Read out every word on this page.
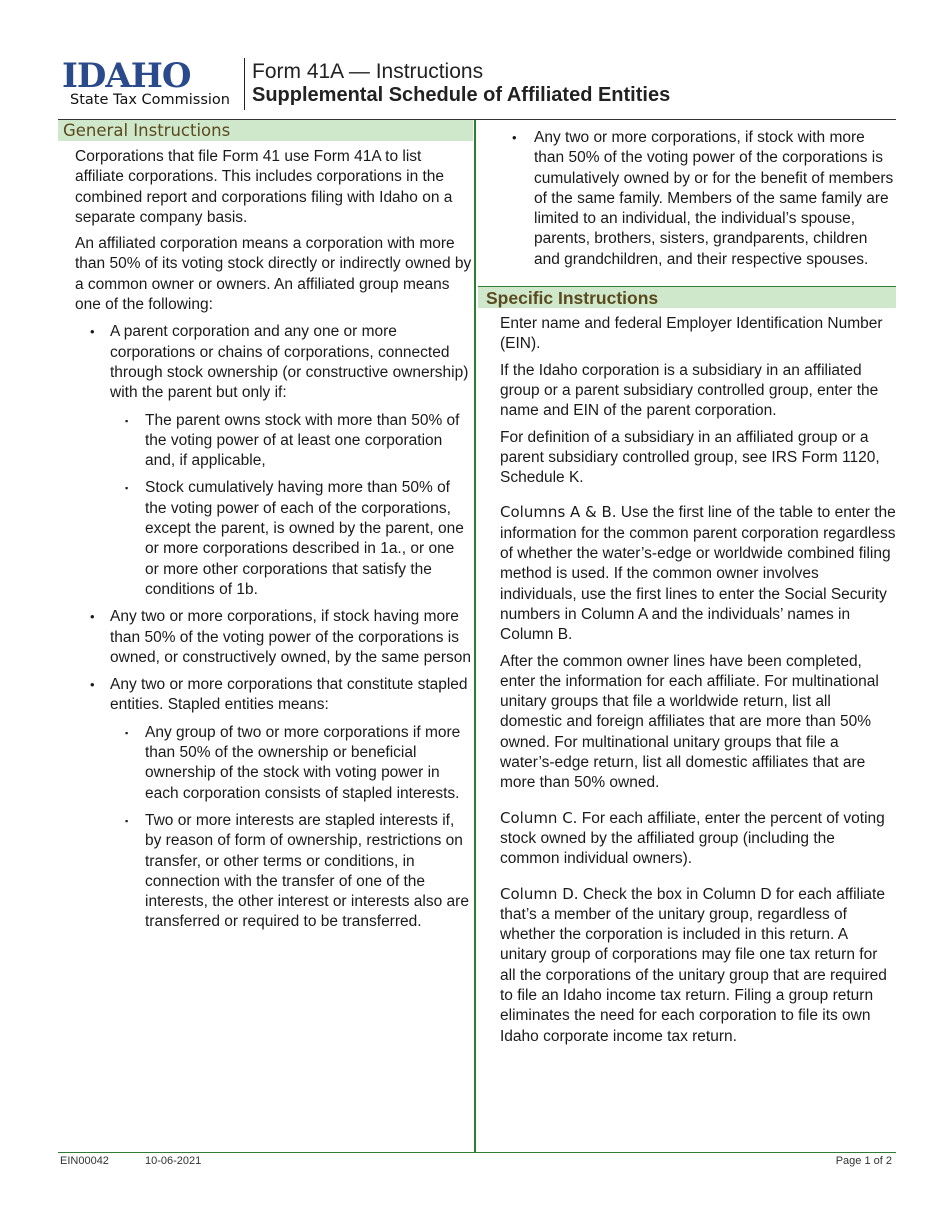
IDAHO
State Tax Commission
Form 41A — Instructions
Supplemental Schedule of Affiliated Entities
General Instructions

Corporations that file Form 41 use Form 41A to list affiliate corporations. This includes corporations in the combined report and corporations filing with Idaho on a separate company basis.

An affiliated corporation means a corporation with more than 50% of its voting stock directly or indirectly owned by a common owner or owners. An affiliated group means one of the following:

• A parent corporation and any one or more corporations or chains of corporations, connected through stock ownership (or constructive ownership) with the parent but only if:
▪ The parent owns stock with more than 50% of the voting power of at least one corporation and, if applicable,
▪ Stock cumulatively having more than 50% of the voting power of each of the corporations, except the parent, is owned by the parent, one or more corporations described in 1a., or one or more other corporations that satisfy the conditions of 1b.
• Any two or more corporations, if stock having more than 50% of the voting power of the corporations is owned, or constructively owned, by the same person
• Any two or more corporations that constitute stapled entities. Stapled entities means:
▪ Any group of two or more corporations if more than 50% of the ownership or beneficial ownership of the stock with voting power in each corporation consists of stapled interests.
▪ Two or more interests are stapled interests if, by reason of form of ownership, restrictions on transfer, or other terms or conditions, in connection with the transfer of one of the interests, the other interest or interests also are transferred or required to be transferred.
• Any two or more corporations, if stock with more than 50% of the voting power of the corporations is cumulatively owned by or for the benefit of members of the same family. Members of the same family are limited to an individual, the individual’s spouse, parents, brothers, sisters, grandparents, children and grandchildren, and their respective spouses.
Specific Instructions

Enter name and federal Employer Identification Number (EIN).

If the Idaho corporation is a subsidiary in an affiliated group or a parent subsidiary controlled group, enter the name and EIN of the parent corporation.

For definition of a subsidiary in an affiliated group or a parent subsidiary controlled group, see IRS Form 1120, Schedule K.

Columns A & B. Use the first line of the table to enter the information for the common parent corporation regardless of whether the water’s-edge or worldwide combined filing method is used. If the common owner involves individuals, use the first lines to enter the Social Security numbers in Column A and the individuals’ names in Column B.

After the common owner lines have been completed, enter the information for each affiliate. For multinational unitary groups that file a worldwide return, list all domestic and foreign affiliates that are more than 50% owned. For multinational unitary groups that file a water’s-edge return, list all domestic affiliates that are more than 50% owned.

Column C. For each affiliate, enter the percent of voting stock owned by the affiliated group (including the common individual owners).

Column D. Check the box in Column D for each affiliate that’s a member of the unitary group, regardless of whether the corporation is included in this return. A unitary group of corporations may file one tax return for all the corporations of the unitary group that are required to file an Idaho income tax return. Filing a group return eliminates the need for each corporation to file its own Idaho corporate income tax return.

EIN00042	10-06-2021	Page 1 of 2
